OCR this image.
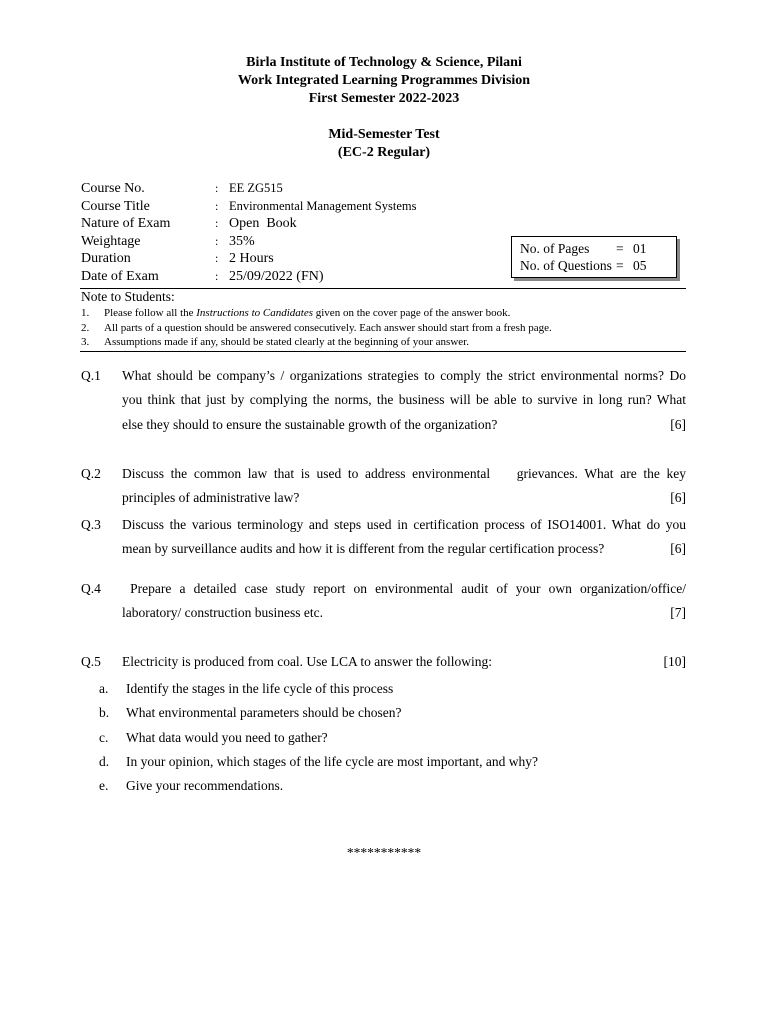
Birla Institute of Technology & Science, Pilani
Work Integrated Learning Programmes Division
First Semester 2022-2023
Mid-Semester Test
(EC-2 Regular)
Course No.	: EE ZG515
Course Title	: Environmental Management Systems
Nature of Exam	: Open  Book
Weightage	: 35%
Duration	: 2 Hours
Date of Exam	: 25/09/2022 (FN)
No. of Pages = 01
No. of Questions = 05
Note to Students:
1. Please follow all the Instructions to Candidates given on the cover page of the answer book.
2. All parts of a question should be answered consecutively. Each answer should start from a fresh page.
3. Assumptions made if any, should be stated clearly at the beginning of your answer.
Q.1 What should be company’s / organizations strategies to comply the strict environmental norms? Do
you think that just by complying the norms, the business will be able to survive in long run? What
else they should to ensure the sustainable growth of the organization?	[6]
Q.2 Discuss the common law that is used to address environmental    grievances. What are the key
principles of administrative law?	[6]
Q.3 Discuss the various terminology and steps used in certification process of ISO14001. What do you
mean by surveillance audits and how it is different from the regular certification process?	[6]
Q.4 Prepare a detailed case study report on environmental audit of your own organization/office/
laboratory/ construction business etc.	[7]
Q.5 Electricity is produced from coal. Use LCA to answer the following:	[10]
a. Identify the stages in the life cycle of this process
b. What environmental parameters should be chosen?
c. What data would you need to gather?
d. In your opinion, which stages of the life cycle are most important, and why?
e. Give your recommendations.
***********
